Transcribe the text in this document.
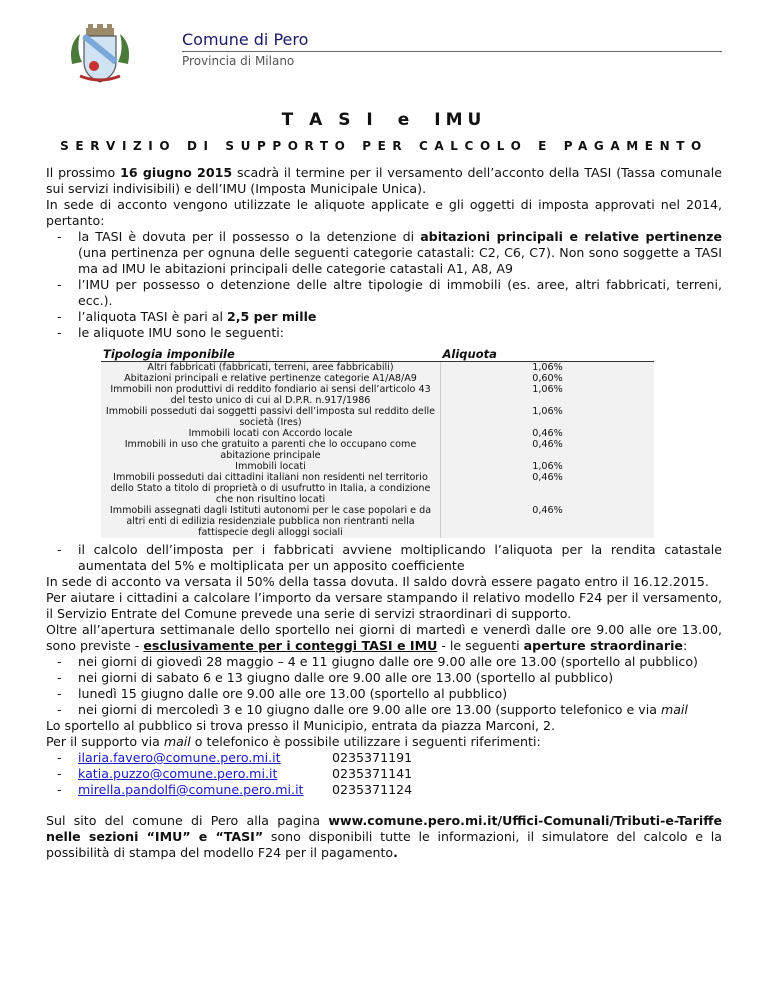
Comune di Pero
Provincia di Milano
T A S I e IMU
SERVIZIO DI SUPPORTO PER CALCOLO E PAGAMENTO

Il prossimo 16 giugno 2015 scadrà il termine per il versamento dell’acconto della TASI (Tassa comunale sui servizi indivisibili) e dell’IMU (Imposta Municipale Unica).

In sede di acconto vengono utilizzate le aliquote applicate e gli oggetti di imposta approvati nel 2014, pertanto:

- la TASI è dovuta per il possesso o la detenzione di abitazioni principali e relative pertinenze (una pertinenza per ognuna delle seguenti categorie catastali: C2, C6, C7). Non sono soggette a TASI ma ad IMU le abitazioni principali delle categorie catastali A1, A8, A9

- l’IMU per possesso o detenzione delle altre tipologie di immobili (es. aree, altri fabbricati, terreni, ecc.).

- l’aliquota TASI è pari al 2,5 per mille

- le aliquote IMU sono le seguenti:

Tipologia imponibile	Aliquota
Altri fabbricati (fabbricati, terreni, aree fabbricabili)	1,06%
Abitazioni principali e relative pertinenze categorie A1/A8/A9	0,60%
Immobili non produttivi di reddito fondiario ai sensi dell’articolo 43 del testo unico di cui al D.P.R. n.917/1986	1,06%
Immobili posseduti dai soggetti passivi dell’imposta sul reddito delle società (Ires)	1,06%
Immobili locati con Accordo locale	0,46%
Immobili in uso che gratuito a parenti che lo occupano come abitazione principale	0,46%
Immobili locati	1,06%
Immobili posseduti dai cittadini italiani non residenti nel territorio dello Stato a titolo di proprietà o di usufrutto in Italia, a condizione che non risultino locati	0,46%
Immobili assegnati dagli Istituti autonomi per le case popolari e da altri enti di edilizia residenziale pubblica non rientranti nella fattispecie degli alloggi sociali	0,46%

- il calcolo dell’imposta per i fabbricati avviene moltiplicando l’aliquota per la rendita catastale aumentata del 5% e moltiplicata per un apposito coefficiente

In sede di acconto va versata il 50% della tassa dovuta. Il saldo dovrà essere pagato entro il 16.12.2015.

Per aiutare i cittadini a calcolare l’importo da versare stampando il relativo modello F24 per il versamento, il Servizio Entrate del Comune prevede una serie di servizi straordinari di supporto.

Oltre all’apertura settimanale dello sportello nei giorni di martedì e venerdì dalle ore 9.00 alle ore 13.00, sono previste - esclusivamente per i conteggi TASI e IMU - le seguenti aperture straordinarie:

- nei giorni di giovedì 28 maggio – 4 e 11 giugno dalle ore 9.00 alle ore 13.00 (sportello al pubblico)

- nei giorni di sabato 6 e 13 giugno dalle ore 9.00 alle ore 13.00 (sportello al pubblico)

- lunedì 15 giugno dalle ore 9.00 alle ore 13.00 (sportello al pubblico)

- nei giorni di mercoledì 3 e 10 giugno dalle ore 9.00 alle ore 13.00 (supporto telefonico e via mail

Lo sportello al pubblico si trova presso il Municipio, entrata da piazza Marconi, 2.

Per il supporto via mail o telefonico è possibile utilizzare i seguenti riferimenti:

- ilaria.favero@comune.pero.mi.it	0235371191

- katia.puzzo@comune.pero.mi.it	0235371141

- mirella.pandolfi@comune.pero.mi.it 0235371124

Sul sito del comune di Pero alla pagina www.comune.pero.mi.it/Uffici-Comunali/Tributi-e-Tariffe nelle sezioni “IMU” e “TASI” sono disponibili tutte le informazioni, il simulatore del calcolo e la possibilità di stampa del modello F24 per il pagamento.
